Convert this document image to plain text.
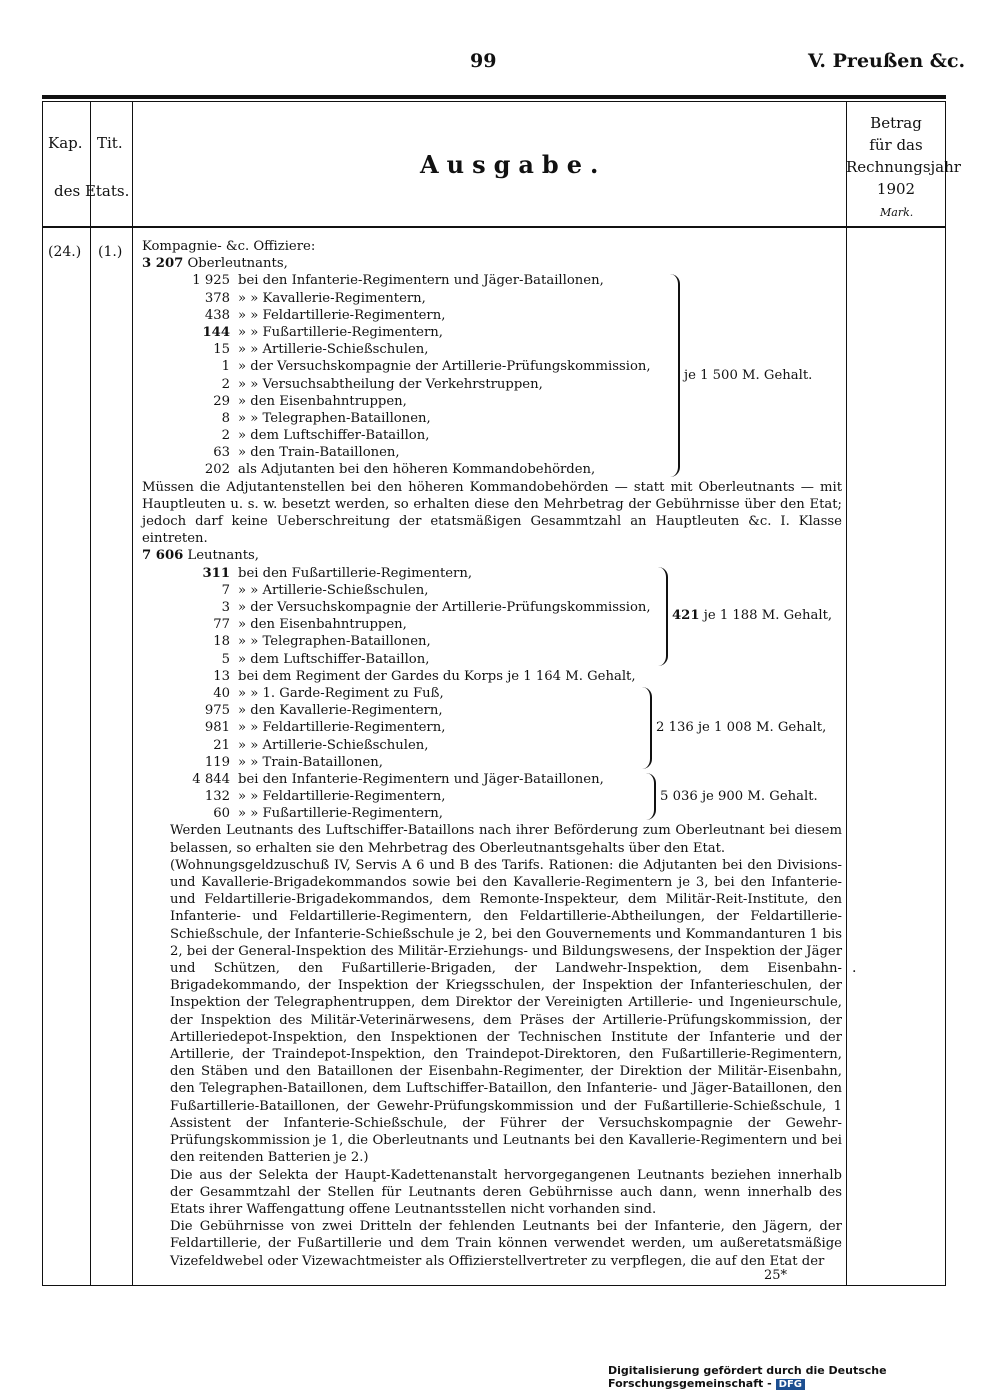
99	V. Preußen &c.
Kap. Tit.
des Etats.
Ausgabe.
Betrag
für das
Rechnungsjahr
1902
Mark.
(24.) (1.) Kompagnie- &c. Offiziere:
3 207 Oberleutnants,
1 925 bei den Infanterie-Regimentern und Jäger-Bataillonen,
378 » » Kavallerie-Regimentern,
438 » » Feldartillerie-Regimentern,
144 » » Fußartillerie-Regimentern,
15 » » Artillerie-Schießschulen,
1 » der Versuchskompagnie der Artillerie-Prüfungskommission,
2 » » Versuchsabtheilung der Verkehrstruppen,
29 » den Eisenbahntruppen,
8 » » Telegraphen-Bataillonen,
2 » dem Luftschiffer-Bataillon,
63 » den Train-Bataillonen,
202 als Adjutanten bei den höheren Kommandobehörden,
je 1 500 M. Gehalt.
Müssen die Adjutantenstellen bei den höheren Kommandobehörden — statt mit Oberleutnants — mit Hauptleuten u. s. w. besetzt werden, so erhalten diese den Mehrbetrag der Gebührnisse über den Etat; jedoch darf keine Ueberschreitung der etatsmäßigen Gesammtzahl an Hauptleuten &c. I. Klasse eintreten.
7 606 Leutnants,
311 bei den Fußartillerie-Regimentern,
7 » » Artillerie-Schießschulen,
3 » der Versuchskompagnie der Artillerie-Prüfungskommission,
77 » den Eisenbahntruppen,
18 » » Telegraphen-Bataillonen,
5 » dem Luftschiffer-Bataillon,
421 je 1 188 M. Gehalt,
13 bei dem Regiment der Gardes du Korps je 1 164 M. Gehalt,
40 » » 1. Garde-Regiment zu Fuß,
975 » den Kavallerie-Regimentern,
981 » » Feldartillerie-Regimentern,
21 » » Artillerie-Schießschulen,
119 » » Train-Bataillonen,
2 136 je 1 008 M. Gehalt,
4 844 bei den Infanterie-Regimentern und Jäger-Bataillonen,
132 » » Feldartillerie-Regimentern,
60 » » Fußartillerie-Regimentern,
5 036 je 900 M. Gehalt.
Werden Leutnants des Luftschiffer-Bataillons nach ihrer Beförderung zum Oberleutnant bei diesem belassen, so erhalten sie den Mehrbetrag des Oberleutnantsgehalts über den Etat.
(Wohnungsgeldzuschuß IV, Servis A 6 und B des Tarifs. Rationen: die Adjutanten bei den Divisions- und Kavallerie-Brigadekommandos sowie bei den Kavallerie-Regimentern je 3, bei den Infanterie- und Feldartillerie-Brigadekommandos, dem Remonte-Inspekteur, dem Militär-Reit-Institute, den Infanterie- und Feldartillerie-Regimentern, den Feldartillerie-Abtheilungen, der Feldartillerie-Schießschule, der Infanterie-Schießschule je 2, bei den Gouvernements und Kommandanturen 1 bis 2, bei der General-Inspektion des Militär-Erziehungs- und Bildungswesens, der Inspektion der Jäger und Schützen, den Fußartillerie-Brigaden, der Landwehr-Inspektion, dem Eisenbahn-Brigadekommando, der Inspektion der Kriegsschulen, der Inspektion der Infanterieschulen, der Inspektion der Telegraphentruppen, dem Direktor der Vereinigten Artillerie- und Ingenieurschule, der Inspektion des Militär-Veterinärwesens, dem Präses der Artillerie-Prüfungskommission, der Artilleriedepot-Inspektion, den Inspektionen der Technischen Institute der Infanterie und der Artillerie, der Traindepot-Inspektion, den Traindepot-Direktoren, den Fußartillerie-Regimentern, den Stäben und den Bataillonen der Eisenbahn-Regimenter, der Direktion der Militär-Eisenbahn, den Telegraphen-Bataillonen, dem Luftschiffer-Bataillon, den Infanterie- und Jäger-Bataillonen, den Fußartillerie-Bataillonen, der Gewehr-Prüfungskommission und der Fußartillerie-Schießschule, 1 Assistent der Infanterie-Schießschule, der Führer der Versuchskompagnie der Gewehr-Prüfungskommission je 1, die Oberleutnants und Leutnants bei den Kavallerie-Regimentern und bei den reitenden Batterien je 2.)
Die aus der Selekta der Haupt-Kadettenanstalt hervorgegangenen Leutnants beziehen innerhalb der Gesammtzahl der Stellen für Leutnants deren Gebührnisse auch dann, wenn innerhalb des Etats ihrer Waffengattung offene Leutnantsstellen nicht vorhanden sind.
Die Gebührnisse von zwei Dritteln der fehlenden Leutnants bei der Infanterie, den Jägern, der Feldartillerie, der Fußartillerie und dem Train können verwendet werden, um außeretatsmäßige Vizefeldwebel oder Vizewachtmeister als Offizierstellvertreter zu verpflegen, die auf den Etat der
.
25*
Digitalisierung gefördert durch die Deutsche Forschungsgemeinschaft - DFG
